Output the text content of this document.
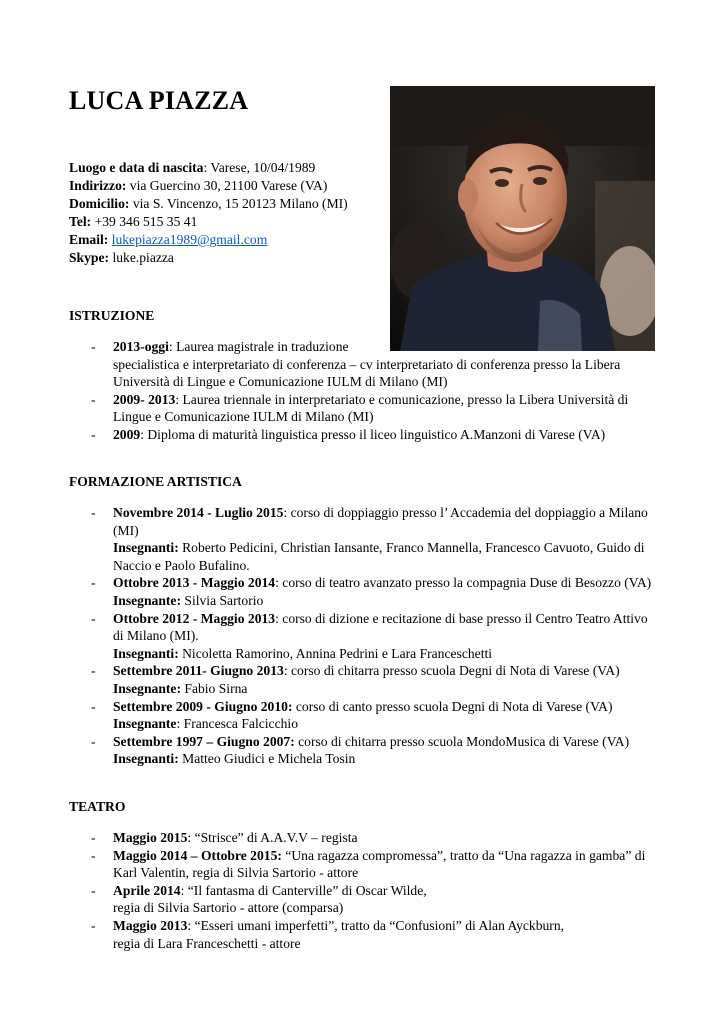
LUCA PIAZZA
Luogo e data di nascita: Varese, 10/04/1989
Indirizzo: via Guercino 30, 21100 Varese (VA)
Domicilio: via S. Vincenzo, 15 20123 Milano (MI)
Tel: +39 346 515 35 41
Email: lukepiazza1989@gmail.com
Skype: luke.piazza
ISTRUZIONE
- 2013-oggi: Laurea magistrale in traduzione
specialistica e interpretariato di conferenza – cv interpretariato di conferenza presso la Libera
Università di Lingue e Comunicazione IULM di Milano (MI)
- 2009- 2013: Laurea triennale in interpretariato e comunicazione, presso la Libera Università di
Lingue e Comunicazione IULM di Milano (MI)
- 2009: Diploma di maturità linguistica presso il liceo linguistico A.Manzoni di Varese (VA)
FORMAZIONE ARTISTICA
- Novembre 2014 - Luglio 2015: corso di doppiaggio presso l’ Accademia del doppiaggio a Milano
(MI)
Insegnanti: Roberto Pedicini, Christian Iansante, Franco Mannella, Francesco Cavuoto, Guido di
Naccio e Paolo Bufalino.
- Ottobre 2013 - Maggio 2014: corso di teatro avanzato presso la compagnia Duse di Besozzo (VA)
Insegnante: Silvia Sartorio
- Ottobre 2012 - Maggio 2013: corso di dizione e recitazione di base presso il Centro Teatro Attivo
di Milano (MI).
Insegnanti: Nicoletta Ramorino, Annina Pedrini e Lara Franceschetti
- Settembre 2011- Giugno 2013: corso di chitarra presso scuola Degni di Nota di Varese (VA)
Insegnante: Fabio Sirna
- Settembre 2009 - Giugno 2010: corso di canto presso scuola Degni di Nota di Varese (VA)
Insegnante: Francesca Falcicchio
- Settembre 1997 – Giugno 2007: corso di chitarra presso scuola MondoMusica di Varese (VA)
Insegnanti: Matteo Giudici e Michela Tosin
TEATRO
- Maggio 2015: “Strisce” di A.A.V.V – regista
- Maggio 2014 – Ottobre 2015: “Una ragazza compromessa”, tratto da “Una ragazza in gamba” di
Karl Valentin, regia di Silvia Sartorio - attore
- Aprile 2014: “Il fantasma di Canterville” di Oscar Wilde,
regia di Silvia Sartorio - attore (comparsa)
- Maggio 2013: “Esseri umani imperfetti”, tratto da “Confusioni” di Alan Ayckburn,
regia di Lara Franceschetti - attore
